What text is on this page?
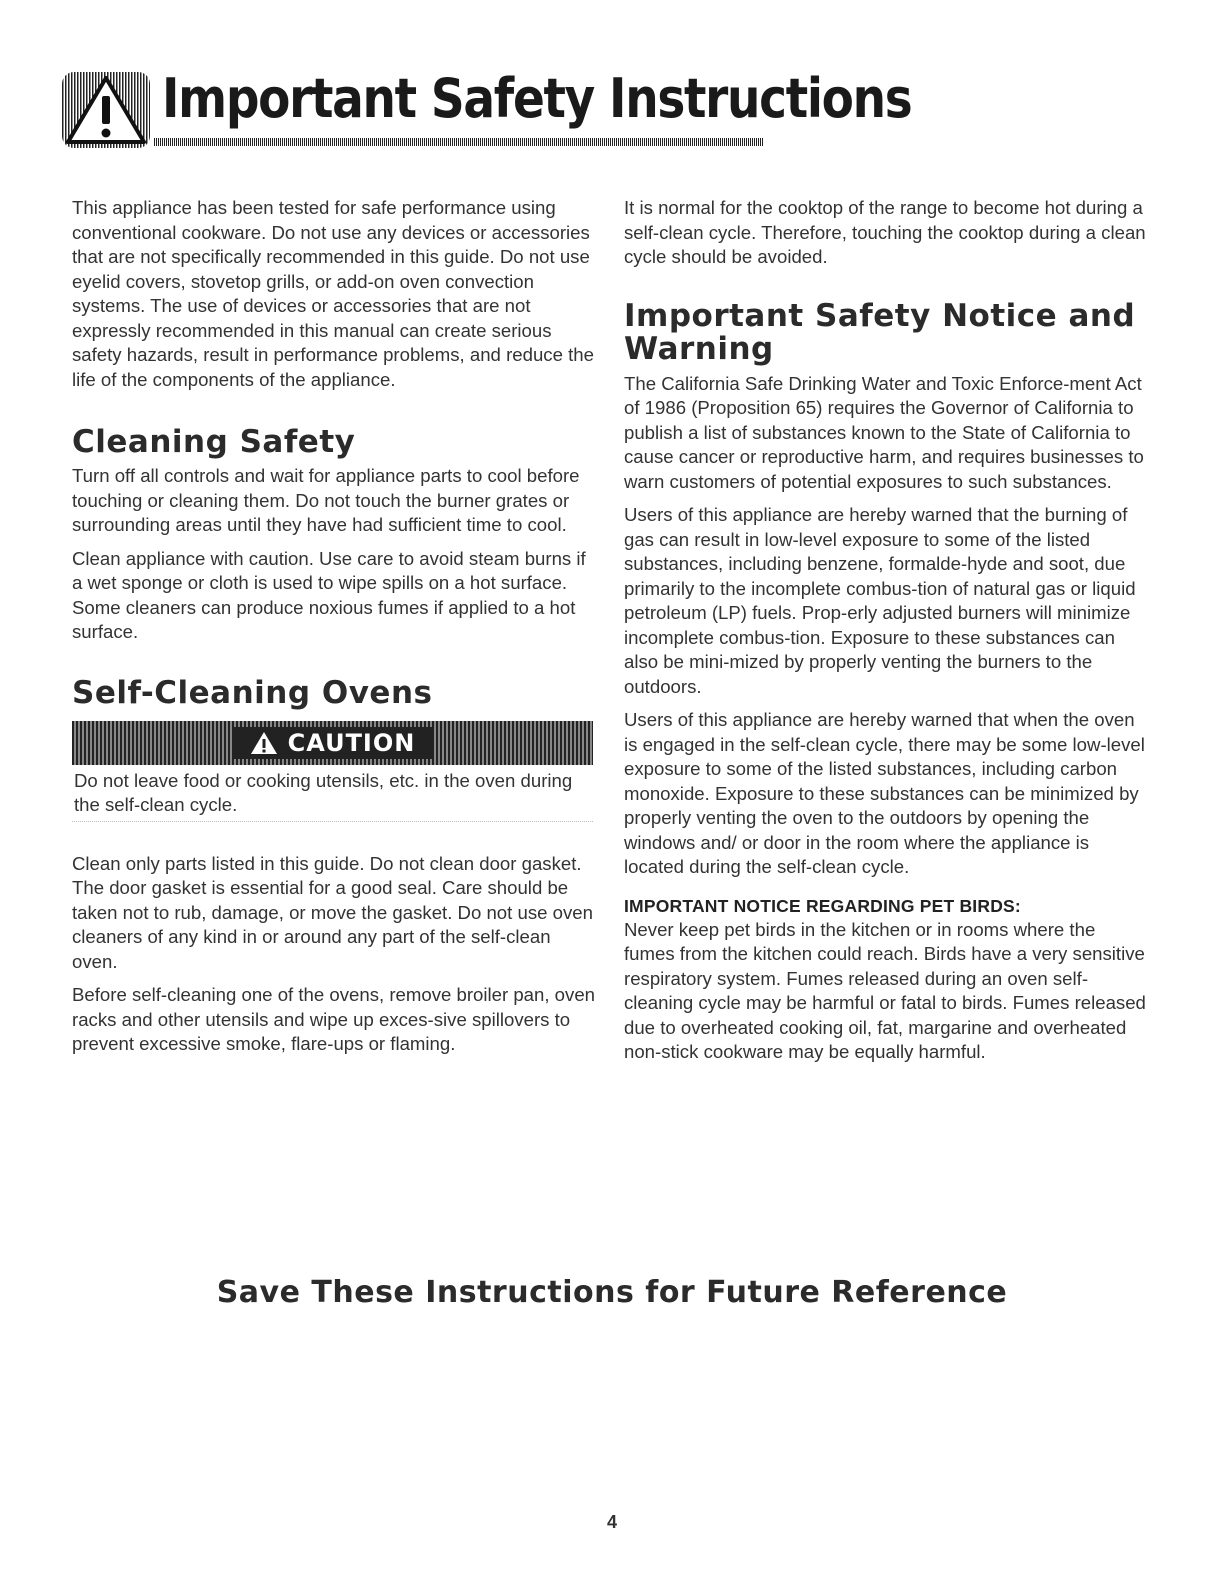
Important Safety Instructions

This appliance has been tested for safe performance using conventional cookware. Do not use any devices or accessories that are not specifically recommended in this guide. Do not use eyelid covers, stovetop grills, or add-on oven convection systems. The use of devices or accessories that are not expressly recommended in this manual can create serious safety hazards, result in performance problems, and reduce the life of the components of the appliance.

Cleaning Safety

Turn off all controls and wait for appliance parts to cool before touching or cleaning them. Do not touch the burner grates or surrounding areas until they have had sufficient time to cool.

Clean appliance with caution. Use care to avoid steam burns if a wet sponge or cloth is used to wipe spills on a hot surface. Some cleaners can produce noxious fumes if applied to a hot surface.

Self-Cleaning Ovens
CAUTION

Do not leave food or cooking utensils, etc. in the oven during the self-clean cycle.

Clean only parts listed in this guide. Do not clean door gasket. The door gasket is essential for a good seal. Care should be taken not to rub, damage, or move the gasket. Do not use oven cleaners of any kind in or around any part of the self-clean oven.

Before self-cleaning one of the ovens, remove broiler pan, oven racks and other utensils and wipe up exces-sive spillovers to prevent excessive smoke, flare-ups or flaming.

It is normal for the cooktop of the range to become hot during a self-clean cycle. Therefore, touching the cooktop during a clean cycle should be avoided.

Important Safety Notice and Warning

The California Safe Drinking Water and Toxic Enforce-ment Act of 1986 (Proposition 65) requires the Governor of California to publish a list of substances known to the State of California to cause cancer or reproductive harm, and requires businesses to warn customers of potential exposures to such substances.

Users of this appliance are hereby warned that the burning of gas can result in low-level exposure to some of the listed substances, including benzene, formalde-hyde and soot, due primarily to the incomplete combus-tion of natural gas or liquid petroleum (LP) fuels. Prop-erly adjusted burners will minimize incomplete combus-tion. Exposure to these substances can also be mini-mized by properly venting the burners to the outdoors.

Users of this appliance are hereby warned that when the oven is engaged in the self-clean cycle, there may be some low-level exposure to some of the listed substances, including carbon monoxide. Exposure to these substances can be minimized by properly venting the oven to the outdoors by opening the windows and/ or door in the room where the appliance is located during the self-clean cycle.

IMPORTANT NOTICE REGARDING PET BIRDS:

Never keep pet birds in the kitchen or in rooms where the fumes from the kitchen could reach. Birds have a very sensitive respiratory system. Fumes released during an oven self-cleaning cycle may be harmful or fatal to birds. Fumes released due to overheated cooking oil, fat, margarine and overheated non-stick cookware may be equally harmful.

Save These Instructions for Future Reference
4
